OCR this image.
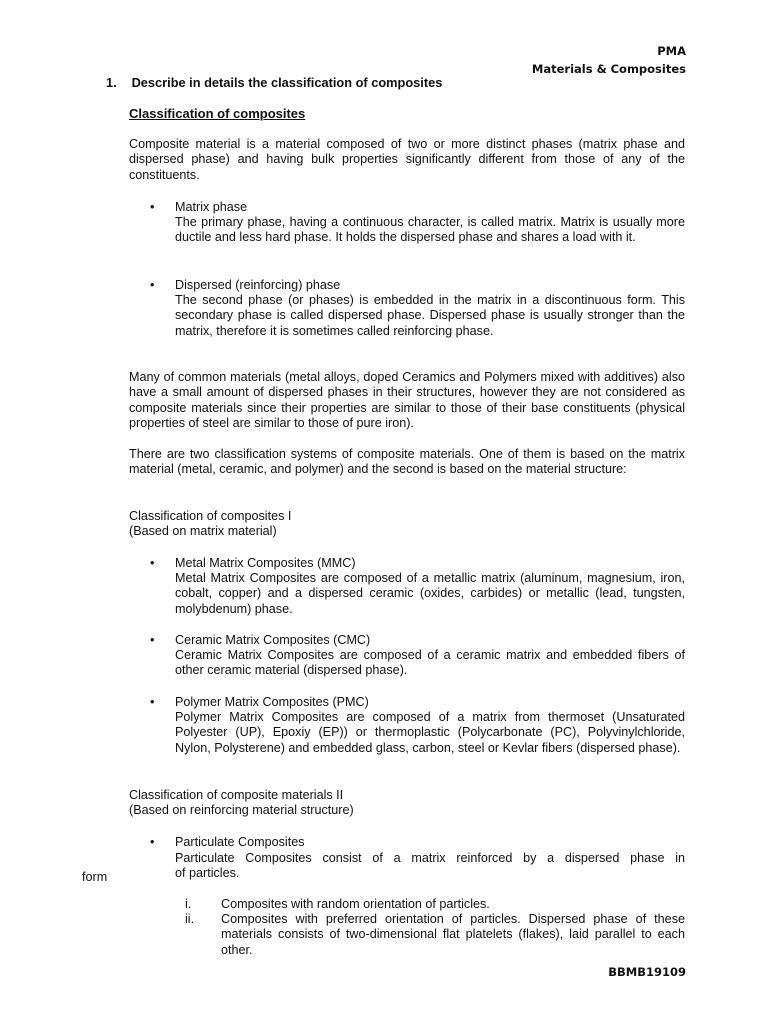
PMA
Materials & Composites
1. Describe in details the classification of composites
Classification of composites

Composite material is a material composed of two or more distinct phases (matrix phase and dispersed phase) and having bulk properties significantly different from those of any of the constituents.

• Matrix phase

The primary phase, having a continuous character, is called matrix. Matrix is usually more ductile and less hard phase. It holds the dispersed phase and shares a load with it.

• Dispersed (reinforcing) phase

The second phase (or phases) is embedded in the matrix in a discontinuous form. This secondary phase is called dispersed phase. Dispersed phase is usually stronger than the matrix, therefore it is sometimes called reinforcing phase.

Many of common materials (metal alloys, doped Ceramics and Polymers mixed with additives) also have a small amount of dispersed phases in their structures, however they are not considered as composite materials since their properties are similar to those of their base constituents (physical properties of steel are similar to those of pure iron).

There are two classification systems of composite materials. One of them is based on the matrix material (metal, ceramic, and polymer) and the second is based on the material structure:

Classification of composites I
(Based on matrix material)
• Metal Matrix Composites (MMC)

Metal Matrix Composites are composed of a metallic matrix (aluminum, magnesium, iron, cobalt, copper) and a dispersed ceramic (oxides, carbides) or metallic (lead, tungsten, molybdenum) phase.

• Ceramic Matrix Composites (CMC)

Ceramic Matrix Composites are composed of a ceramic matrix and embedded fibers of other ceramic material (dispersed phase).

• Polymer Matrix Composites (PMC)

Polymer Matrix Composites are composed of a matrix from thermoset (Unsaturated Polyester (UP), Epoxiy (EP)) or thermoplastic (Polycarbonate (PC), Polyvinylchloride, Nylon, Polysterene) and embedded glass, carbon, steel or Kevlar fibers (dispersed phase).

Classification of composite materials II
(Based on reinforcing material structure)
• Particulate Composites
Particulate Composites consist of a matrix reinforced by a dispersed phase in
form	of particles.
i.	Composites with random orientation of particles.

ii.	Composites with preferred orientation of particles. Dispersed phase of these materials consists of two-dimensional flat platelets (flakes), laid parallel to each other.

BBMB19109
